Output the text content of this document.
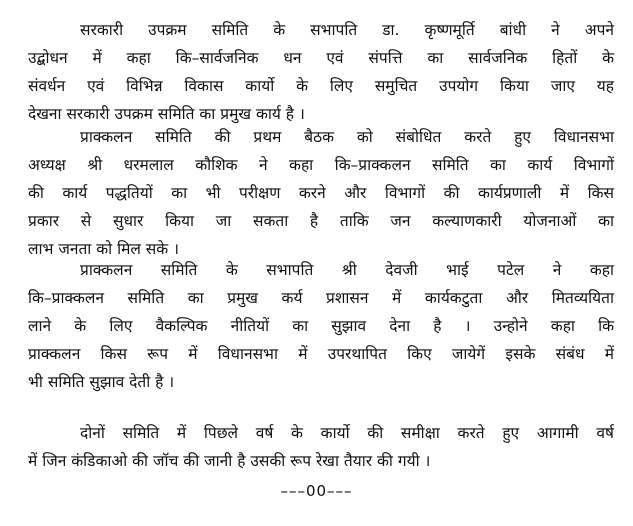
सरकारी उपक्रम समिति के सभापति डा. कृष्णमूर्ति बांधी ने अपने
उद्बोधन में कहा कि–सार्वजनिक धन एवं संपत्ति का सार्वजनिक हितों के
संवर्धन एवं विभिन्न विकास कार्यो के लिए समुचित उपयोग किया जाए यह
देखना सरकारी उपक्रम समिति का प्रमुख कार्य है ।
प्राक्कलन समिति की प्रथम बैठक को संबोधित करते हुए विधानसभा
अध्यक्ष श्री धरमलाल कौशिक ने कहा कि–प्राक्कलन समिति का कार्य विभागों
की कार्य पद्धतियों का भी परीक्षण करने और विभागों की कार्यप्रणाली में किस
प्रकार से सुधार किया जा सकता है ताकि जन कल्याणकारी योजनाओं का
लाभ जनता को मिल सके ।
प्राक्कलन समिति के सभापति श्री देवजी भाई पटेल ने कहा
कि–प्राक्कलन समिति का प्रमुख कर्य प्रशासन में कार्यकटुता और मितव्ययिता
लाने के लिए वैकल्पिक नीतियों का सुझाव देना है । उन्होने कहा कि
प्राक्कलन किस रूप में विधानसभा में उपरथापित किए जायेगें इसके संबंध में
भी समिति सुझाव देती है ।
दोनों समिति में पिछले वर्ष के कार्यो की समीक्षा करते हुए आगामी वर्ष
में जिन कंडिकाओ की जॉच की जानी है उसकी रूप रेखा तैयार की गयी ।
–––00–––
